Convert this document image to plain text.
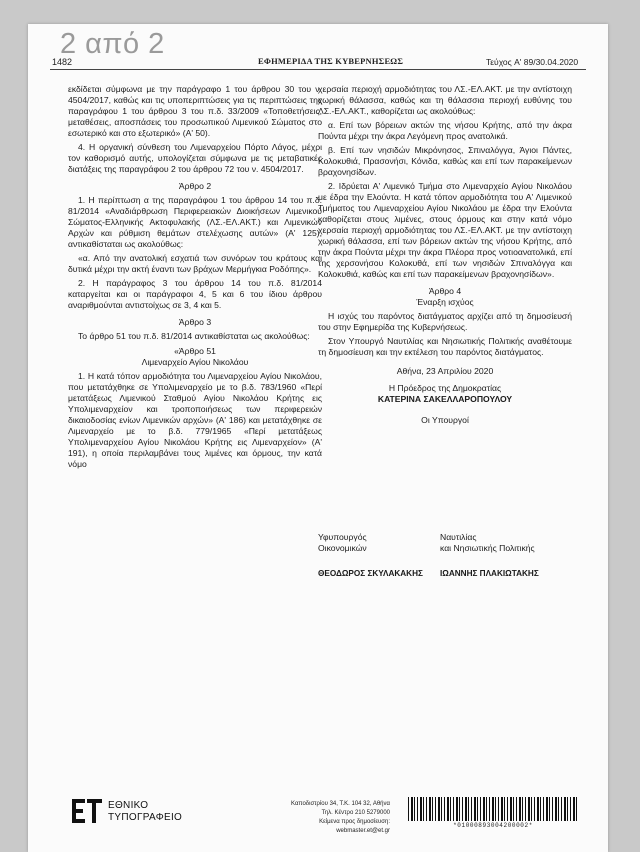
2 από 2
1482	ΕΦΗΜΕΡΙΔΑ ΤΗΣ ΚΥΒΕΡΝΗΣΕΩΣ	Τεύχος A' 89/30.04.2020

εκδίδεται σύμφωνα με την παράγραφο 1 του άρθρου 30 του ν. 4504/2017, καθώς και τις υποπεριπτώσεις για τις περιπτώσεις της παραγράφου 1 του άρθρου 3 του π.δ. 33/2009 «Τοποθετήσεις, μεταθέσεις, αποσπάσεις του προσωπικού Λιμενικού Σώματος στο εσωτερικό και στο εξωτερικό» (A' 50).

4. Η οργανική σύνθεση του Λιμεναρχείου Πόρτο Λάγος, μέχρι τον καθορισμό αυτής, υπολογίζεται σύμφωνα με τις μεταβατικές διατάξεις της παραγράφου 2 του άρθρου 72 του ν. 4504/2017.

Άρθρο 2

1. Η περίπτωση α της παραγράφου 1 του άρθρου 14 του π.δ. 81/2014 «Αναδιάρθρωση Περιφερειακών Διοικήσεων Λιμενικού Σώματος-Ελληνικής Ακτοφυλακής (ΛΣ.-ΕΛ.ΑΚΤ.) και Λιμενικών Αρχών και ρύθμιση θεμάτων στελέχωσης αυτών» (A' 125), αντικαθίσταται ως ακολούθως:

«α. Από την ανατολική εσχατιά των συνόρων του κράτους και δυτικά μέχρι την ακτή έναντι των βράχων Μερμήγκια Ροδόπης».

2. Η παράγραφος 3 του άρθρου 14 του π.δ. 81/2014 καταργείται και οι παράγραφοι 4, 5 και 6 του ίδιου άρθρου αναριθμούνται αντιστοίχως σε 3, 4 και 5.

Άρθρο 3

Το άρθρο 51 του π.δ. 81/2014 αντικαθίσταται ως ακολούθως:

«Άρθρο 51

Λιμεναρχείο Αγίου Νικολάου

1. Η κατά τόπον αρμοδιότητα του Λιμεναρχείου Αγίου Νικολάου, που μετατάχθηκε σε Υπολιμεναρχείο με το β.δ. 783/1960 «Περί μετατάξεως Λιμενικού Σταθμού Αγίου Νικολάου Κρήτης εις Υπολιμεναρχείον και τροποποιήσεως των περιφερειών δικαιοδοσίας ενίων Λιμενικών αρχών» (A' 186) και μετατάχθηκε σε Λιμεναρχείο με το β.δ. 779/1965 «Περί μετατάξεως Υπολιμεναρχείου Αγίου Νικολάου Κρήτης εις Λιμεναρχείον» (A' 191), η οποία περιλαμβάνει τους λιμένες και όρμους, την κατά νόμο

χερσαία περιοχή αρμοδιότητας του ΛΣ.-ΕΛ.ΑΚΤ. με την αντίστοιχη χωρική θάλασσα, καθώς και τη θάλασσια περιοχή ευθύνης του ΛΣ.-ΕΛ.ΑΚΤ., καθορίζεται ως ακολούθως:

α. Επί των βόρειων ακτών της νήσου Κρήτης, από την άκρα Πούντα μέχρι την άκρα Λεγόμενη προς ανατολικά.

β. Επί των νησιδών Μικρόνησος, Σπιναλόγγα, Άγιοι Πάντες, Κολοκυθιά, Πρασονήσι, Κόνιδα, καθώς και επί των παρακείμενων βραχονησίδων.

2. Ιδρύεται Α' Λιμενικό Τμήμα στο Λιμεναρχείο Αγίου Νικολάου με έδρα την Ελούντα. Η κατά τόπον αρμοδιότητα του Α' Λιμενικού Τμήματος του Λιμεναρχείου Αγίου Νικολάου με έδρα την Ελούντα καθορίζεται στους λιμένες, στους όρμους και στην κατά νόμο χερσαία περιοχή αρμοδιότητας του ΛΣ.-ΕΛ.ΑΚΤ. με την αντίστοιχη χωρική θάλασσα, επί των βόρειων ακτών της νήσου Κρήτης, από την άκρα Πούντα μέχρι την άκρα Πλέορα προς νοτιοανατολικά, επί της χερσονήσου Κολοκυθά, επί των νησιδών Σπιναλόγγα και Κολοκυθιά, καθώς και επί των παρακείμενων βραχονησίδων».

Άρθρο 4

Έναρξη ισχύος

Η ισχύς του παρόντος διατάγματος αρχίζει από τη δημοσίευσή του στην Εφημερίδα της Κυβερνήσεως.

Στον Υπουργό Ναυτιλίας και Νησιωτικής Πολιτικής αναθέτουμε τη δημοσίευση και την εκτέλεση του παρόντος διατάγματος.

Αθήνα, 23 Απριλίου 2020

Η Πρόεδρος της Δημοκρατίας

ΚΑΤΕΡΙΝΑ ΣΑΚΕΛΛΑΡΟΠΟΥΛΟΥ

Οι Υπουργοί

Υφυπουργός
Οικονομικών
Ναυτιλίας
και Νησιωτικής Πολιτικής
ΘΕΟΔΩΡΟΣ ΣΚΥΛΑΚΑΚΗΣ	ΙΩΑΝΝΗΣ ΠΛΑΚΙΩΤΑΚΗΣ
ΕΘΝΙΚΟ
ΤΥΠΟΓΡΑΦΕΙΟ
Καποδιστρίου 34, Τ.Κ. 104 32, Αθήνα
Τηλ. Κέντρο 210 5279000
Κείμενα προς δημοσίευση: webmaster.et@et.gr
*01000893004200002*
